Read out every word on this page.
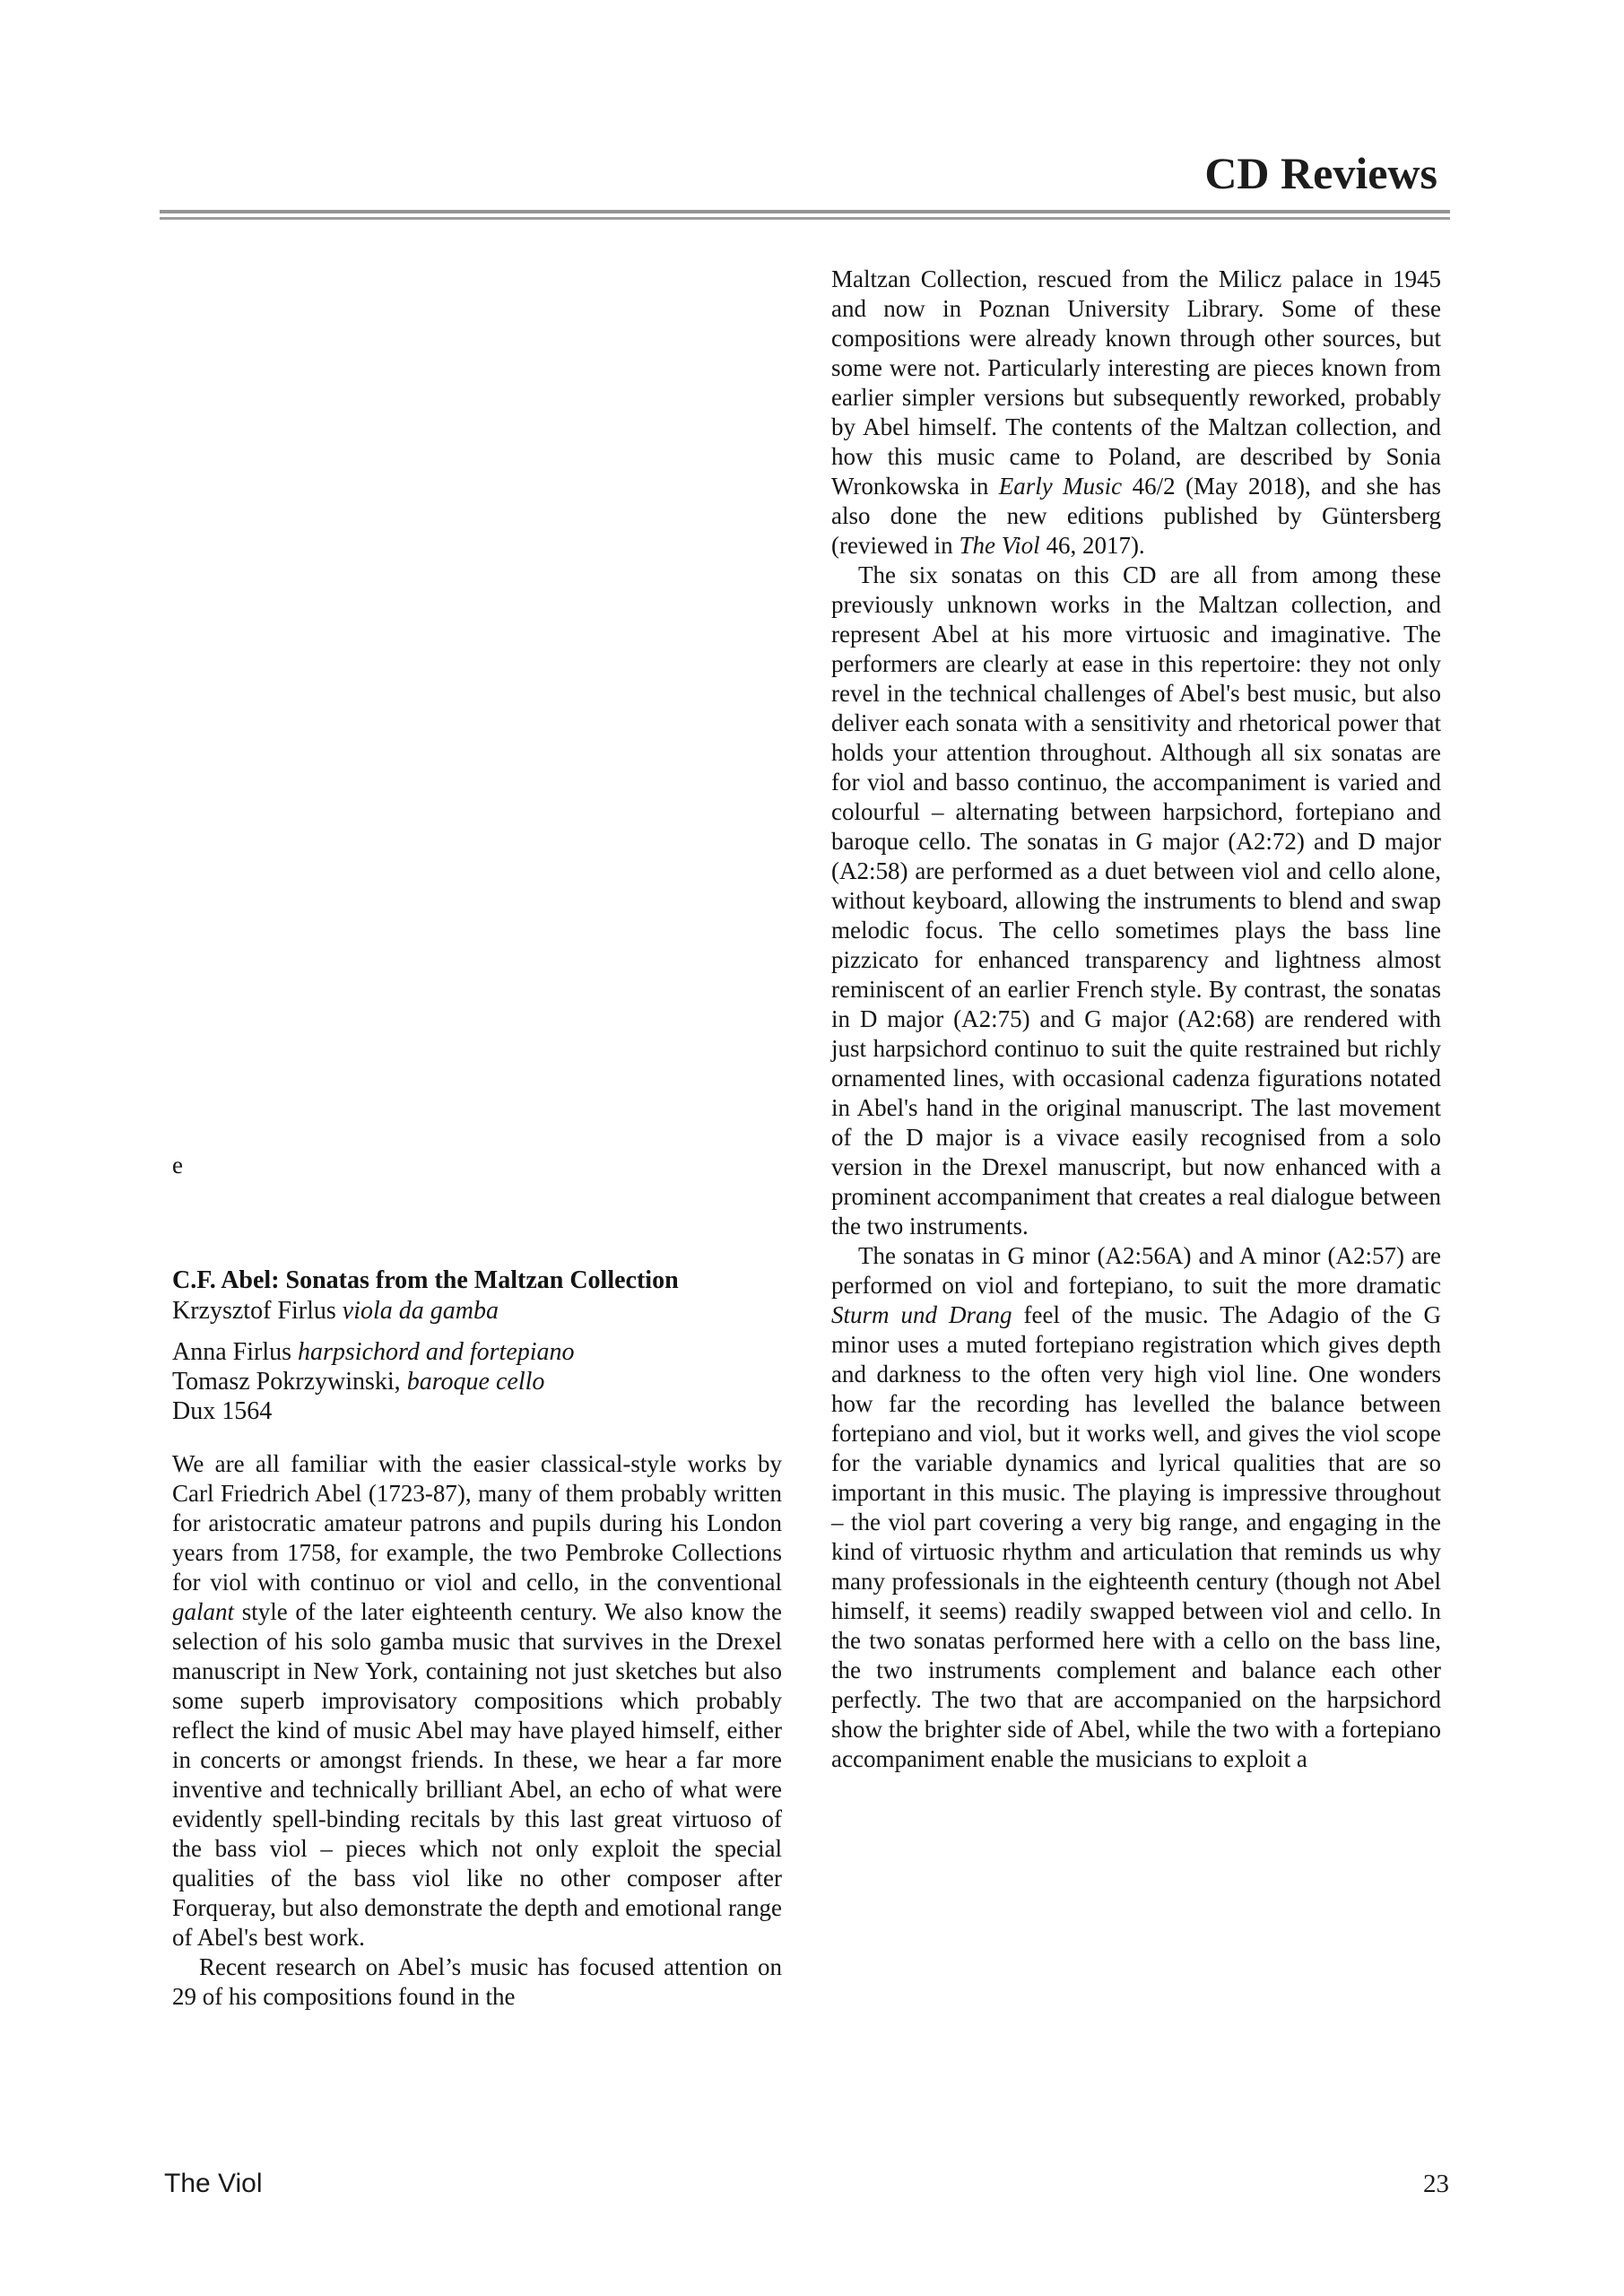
CD Reviews
e
C.F. Abel: Sonatas from the Maltzan Collection

Krzysztof Firlus viola da gamba

Anna Firlus harpsichord and fortepiano

Tomasz Pokrzywinski, baroque cello

Dux 1564

We are all familiar with the easier classical-style works by Carl Friedrich Abel (1723-87), many of them probably written for aristocratic amateur patrons and pupils during his London years from 1758, for example, the two Pembroke Collections for viol with continuo or viol and cello, in the conventional galant style of the later eighteenth century. We also know the selection of his solo gamba music that survives in the Drexel manuscript in New York, containing not just sketches but also some superb improvisatory compositions which probably reflect the kind of music Abel may have played himself, either in concerts or amongst friends. In these, we hear a far more inventive and technically brilliant Abel, an echo of what were evidently spell-binding recitals by this last great virtuoso of the bass viol – pieces which not only exploit the special qualities of the bass viol like no other composer after Forqueray, but also demonstrate the depth and emotional range of Abel's best work.

Recent research on Abel’s music has focused attention on 29 of his compositions found in the

Maltzan Collection, rescued from the Milicz palace in 1945 and now in Poznan University Library. Some of these compositions were already known through other sources, but some were not. Particularly interesting are pieces known from earlier simpler versions but subsequently reworked, probably by Abel himself. The contents of the Maltzan collection, and how this music came to Poland, are described by Sonia Wronkowska in Early Music 46/2 (May 2018), and she has also done the new editions published by Güntersberg (reviewed in The Viol 46, 2017).

The six sonatas on this CD are all from among these previously unknown works in the Maltzan collection, and represent Abel at his more virtuosic and imaginative. The performers are clearly at ease in this repertoire: they not only revel in the technical challenges of Abel's best music, but also deliver each sonata with a sensitivity and rhetorical power that holds your attention throughout. Although all six sonatas are for viol and basso continuo, the accompaniment is varied and colourful – alternating between harpsichord, fortepiano and baroque cello. The sonatas in G major (A2:72) and D major (A2:58) are performed as a duet between viol and cello alone, without keyboard, allowing the instruments to blend and swap melodic focus. The cello sometimes plays the bass line pizzicato for enhanced transparency and lightness almost reminiscent of an earlier French style. By contrast, the sonatas in D major (A2:75) and G major (A2:68) are rendered with just harpsichord continuo to suit the quite restrained but richly ornamented lines, with occasional cadenza figurations notated in Abel's hand in the original manuscript. The last movement of the D major is a vivace easily recognised from a solo version in the Drexel manuscript, but now enhanced with a prominent accompaniment that creates a real dialogue between the two instruments.

The sonatas in G minor (A2:56A) and A minor (A2:57) are performed on viol and fortepiano, to suit the more dramatic Sturm und Drang feel of the music. The Adagio of the G minor uses a muted fortepiano registration which gives depth and darkness to the often very high viol line. One wonders how far the recording has levelled the balance between fortepiano and viol, but it works well, and gives the viol scope for the variable dynamics and lyrical qualities that are so important in this music. The playing is impressive throughout – the viol part covering a very big range, and engaging in the kind of virtuosic rhythm and articulation that reminds us why many professionals in the eighteenth century (though not Abel himself, it seems) readily swapped between viol and cello. In the two sonatas performed here with a cello on the bass line, the two instruments complement and balance each other perfectly. The two that are accompanied on the harpsichord show the brighter side of Abel, while the two with a fortepiano accompaniment enable the musicians to exploit a

The Viol	23
